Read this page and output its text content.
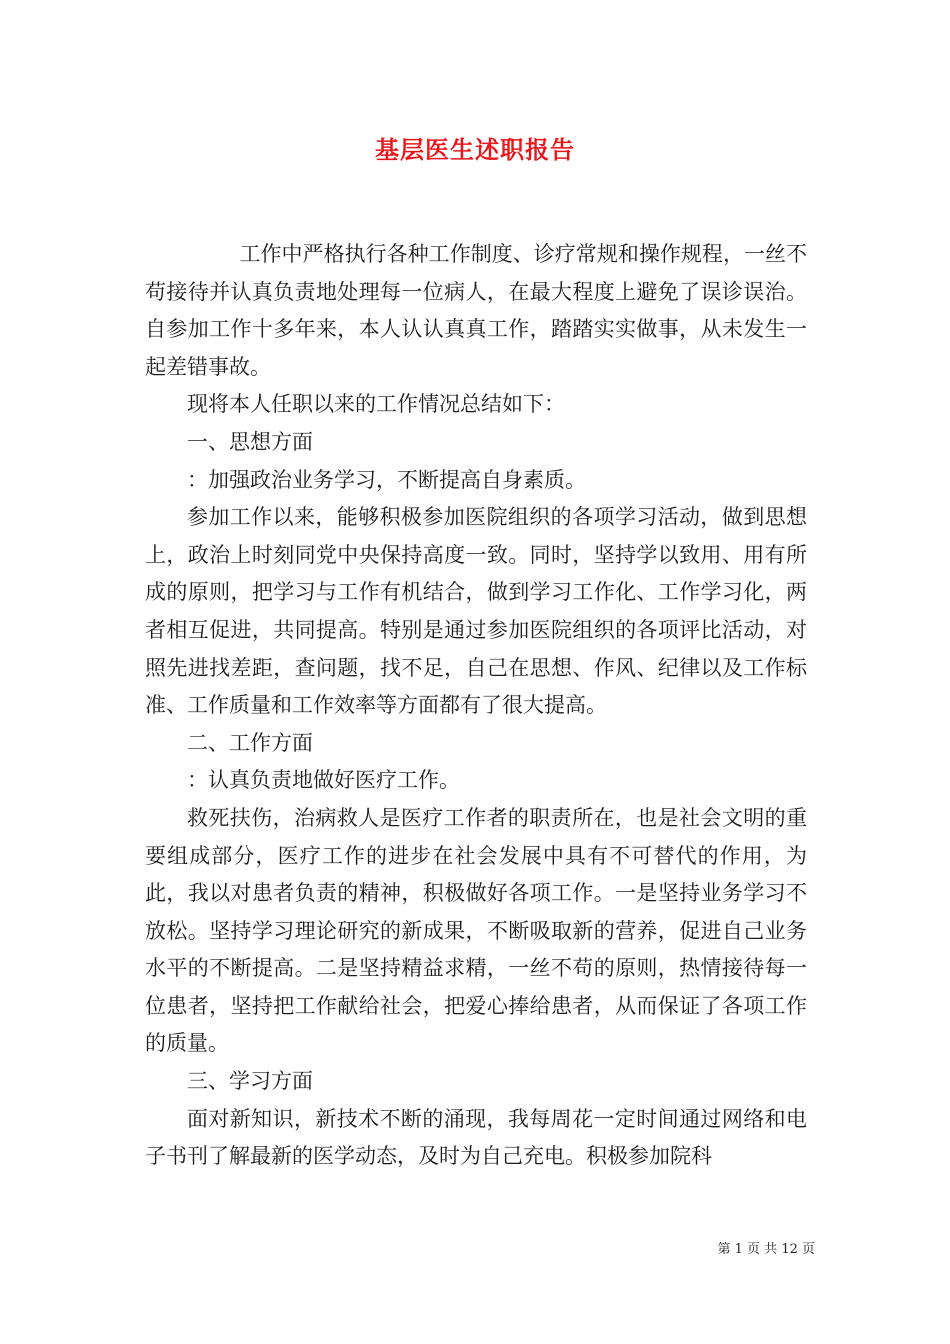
基层医生述职报告

工作中严格执行各种工作制度、诊疗常规和操作规程，一丝不苟接待并认真负责地处理每一位病人，在最大程度上避免了误诊误治。自参加工作十多年来，本人认认真真工作，踏踏实实做事，从未发生一起差错事故。

现将本人任职以来的工作情况总结如下：

一、思想方面

：加强政治业务学习，不断提高自身素质。

参加工作以来，能够积极参加医院组织的各项学习活动，做到思想上，政治上时刻同党中央保持高度一致。同时，坚持学以致用、用有所成的原则，把学习与工作有机结合，做到学习工作化、工作学习化，两者相互促进，共同提高。特别是通过参加医院组织的各项评比活动，对照先进找差距，查问题，找不足，自己在思想、作风、纪律以及工作标准、工作质量和工作效率等方面都有了很大提高。

二、工作方面

：认真负责地做好医疗工作。

救死扶伤，治病救人是医疗工作者的职责所在，也是社会文明的重要组成部分，医疗工作的进步在社会发展中具有不可替代的作用，为此，我以对患者负责的精神，积极做好各项工作。一是坚持业务学习不放松。坚持学习理论研究的新成果，不断吸取新的营养，促进自己业务水平的不断提高。二是坚持精益求精，一丝不苟的原则，热情接待每一位患者，坚持把工作献给社会，把爱心捧给患者，从而保证了各项工作的质量。

三、学习方面

面对新知识，新技术不断的涌现，我每周花一定时间通过网络和电子书刊了解最新的医学动态，及时为自己充电。积极参加院科

第 1 页 共 12 页
